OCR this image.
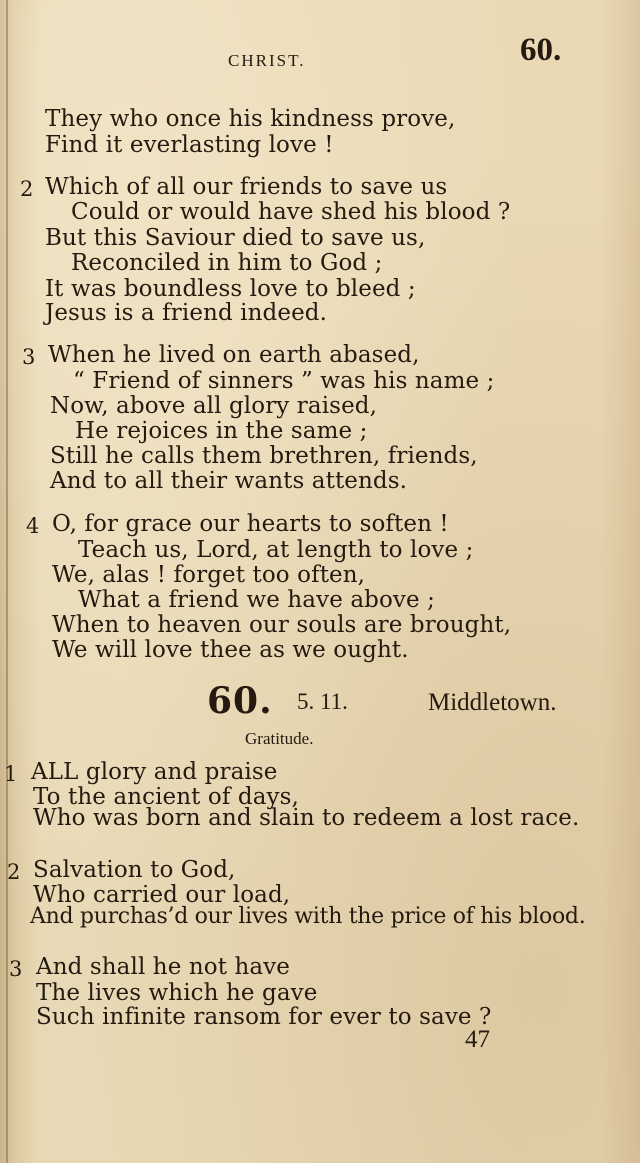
CHRIST.	60.
They who once his kindness prove,
Find it everlasting love !
2 Which of all our friends to save us
Could or would have shed his blood ?
But this Saviour died to save us,
Reconciled in him to God ;
It was boundless love to bleed ;
Jesus is a friend indeed.
3 When he lived on earth abased,
“ Friend of sinners ” was his name ;
Now, above all glory raised,
He rejoices in the same ;
Still he calls them brethren, friends,
And to all their wants attends.
4 O, for grace our hearts to soften !
Teach us, Lord, at length to love ;
We, alas ! forget too often,
What a friend we have above ;
When to heaven our souls are brought,
We will love thee as we ought.
60. 5. 11.	Middletown.
Gratitude.
1 ALL glory and praise
To the ancient of days,
Who was born and slain to redeem a lost race.
2 Salvation to God,
Who carried our load,
And purchas’d our lives with the price of his blood.
3 And shall he not have
The lives which he gave
Such infinite ransom for ever to save ?
47
